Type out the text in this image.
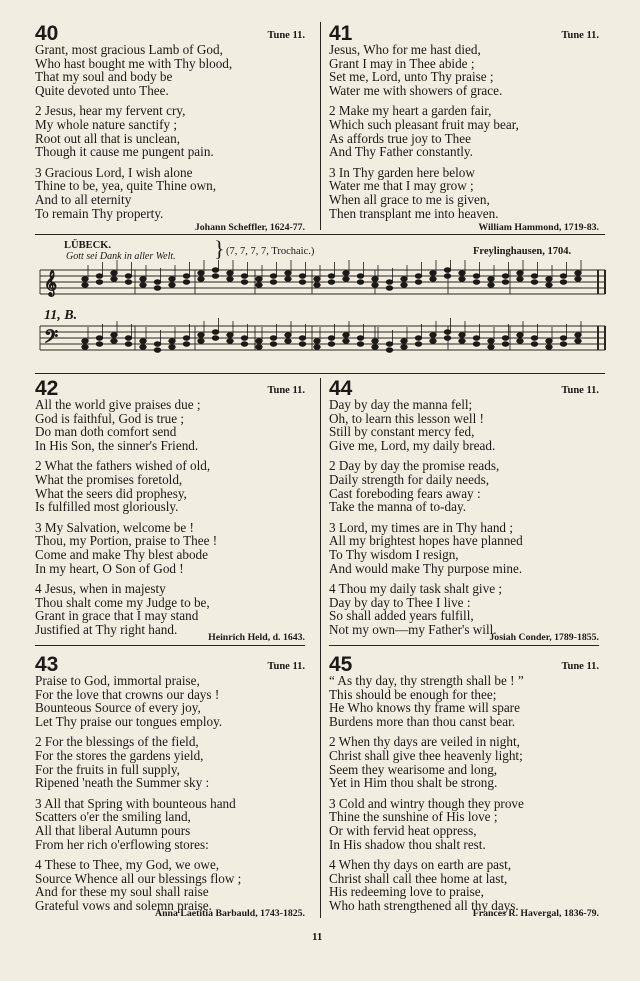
40	Tune 11.
Grant, most gracious Lamb of God,
Who hast bought me with Thy blood,
That my soul and body be
Quite devoted unto Thee.
2 Jesus, hear my fervent cry,
My whole nature sanctify ;
Root out all that is unclean,
Though it cause me pungent pain.
3 Gracious Lord, I wish alone
Thine to be, yea, quite Thine own,
And to all eternity
To remain Thy property.
Johann Scheffler, 1624-77.
41	Tune 11.
Jesus, Who for me hast died,
Grant I may in Thee abide ;
Set me, Lord, unto Thy praise ;
Water me with showers of grace.
2 Make my heart a garden fair,
Which such pleasant fruit may bear,
As affords true joy to Thee
And Thy Father constantly.
3 In Thy garden here below
Water me that I may grow ;
When all grace to me is given,
Then transplant me into heaven.
William Hammond, 1719-83.
LÜBECK.
Gott sei Dank in aller Welt.	(7, 7, 7, 7, Trochaic.)	Freylinghausen, 1704.
11, B.
}
𝄞
𝄢
42	Tune 11.
All the world give praises due ;
God is faithful, God is true ;
Do man doth comfort send
In His Son, the sinner's Friend.
2 What the fathers wished of old,
What the promises foretold,
What the seers did prophesy,
Is fulfilled most gloriously.
3 My Salvation, welcome be !
Thou, my Portion, praise to Thee !
Come and make Thy blest abode
In my heart, O Son of God !
4 Jesus, when in majesty
Thou shalt come my Judge to be,
Grant in grace that I may stand
Justified at Thy right hand.
Heinrich Held, d. 1643.
44	Tune 11.
Day by day the manna fell;
Oh, to learn this lesson well !
Still by constant mercy fed,
Give me, Lord, my daily bread.
2 Day by day the promise reads,
Daily strength for daily needs,
Cast foreboding fears away :
Take the manna of to-day.
3 Lord, my times are in Thy hand ;
All my brightest hopes have planned
To Thy wisdom I resign,
And would make Thy purpose mine.
4 Thou my daily task shalt give ;
Day by day to Thee I live :
So shall added years fulfill,
Not my own—my Father's will.
Josiah Conder, 1789-1855.
43	Tune 11.
Praise to God, immortal praise,
For the love that crowns our days !
Bounteous Source of every joy,
Let Thy praise our tongues employ.
2 For the blessings of the field,
For the stores the gardens yield,
For the fruits in full supply,
Ripened 'neath the Summer sky :
3 All that Spring with bounteous hand
Scatters o'er the smiling land,
All that liberal Autumn pours
From her rich o'erflowing stores:
4 These to Thee, my God, we owe,
Source Whence all our blessings flow ;
And for these my soul shall raise
Grateful vows and solemn praise.
Anna Laetitia Barbauld, 1743-1825.
45	Tune 11.
“ As thy day, thy strength shall be ! ”
This should be enough for thee;
He Who knows thy frame will spare
Burdens more than thou canst bear.
2 When thy days are veiled in night,
Christ shall give thee heavenly light;
Seem they wearisome and long,
Yet in Him thou shalt be strong.
3 Cold and wintry though they prove
Thine the sunshine of His love ;
Or with fervid heat oppress,
In His shadow thou shalt rest.
4 When thy days on earth are past,
Christ shall call thee home at last,
His redeeming love to praise,
Who hath strengthened all thy days.
Frances R. Havergal, 1836-79.
11
